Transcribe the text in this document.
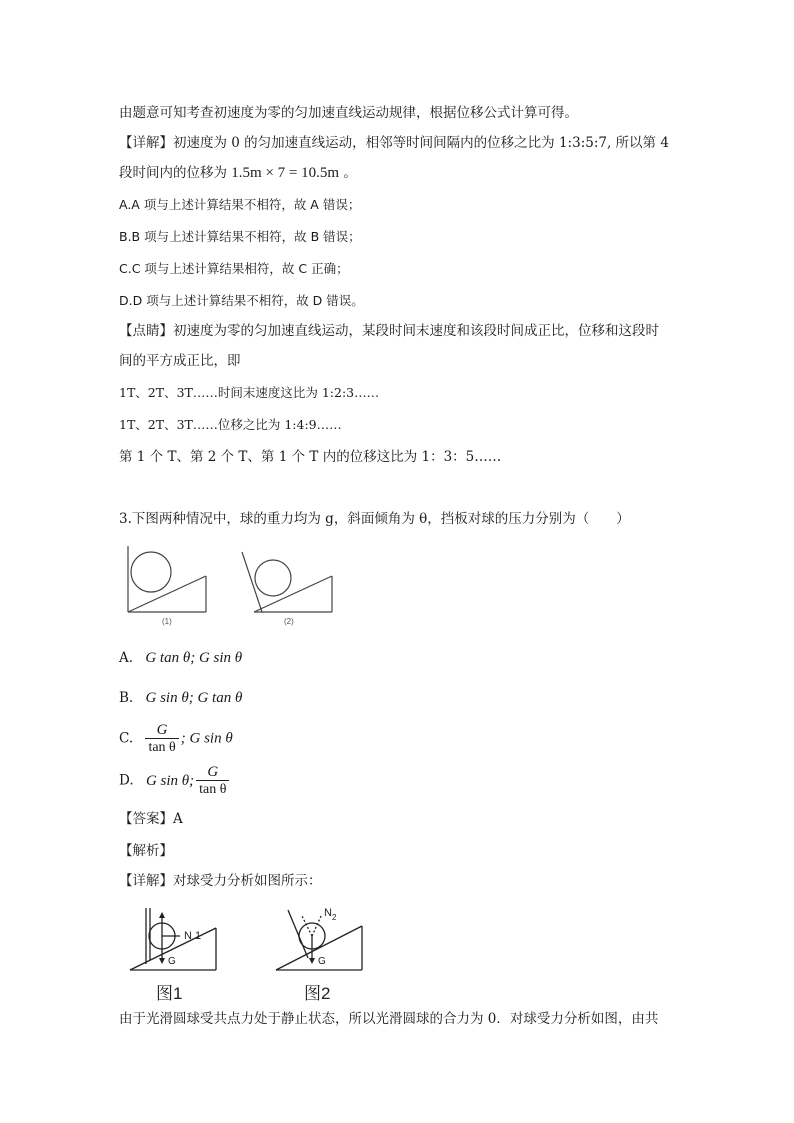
由题意可知考查初速度为零的匀加速直线运动规律，根据位移公式计算可得。
【详解】初速度为 0 的匀加速直线运动，相邻等时间间隔内的位移之比为 1:3:5:7, 所以第 4
段时间内的位移为 1.5m × 7 = 10.5m 。
A.A 项与上述计算结果不相符，故 A 错误；
B.B 项与上述计算结果不相符，故 B 错误；
C.C 项与上述计算结果相符，故 C 正确；
D.D 项与上述计算结果不相符，故 D 错误。
【点睛】初速度为零的匀加速直线运动，某段时间末速度和该段时间成正比，位移和这段时
间的平方成正比，即
1T、2T、3T……时间末速度这比为 1:2:3……
1T、2T、3T……位移之比为 1:4:9……
第 1 个 T、第 2 个 T、第 1 个 T 内的位移这比为 1：3：5……
3.下图两种情况中，球的重力均为 g，斜面倾角为 θ，挡板对球的压力分别为（　　）
(1)	(2)
A. G tan θ; G sin θ
B. G sin θ; G tan θ
C. $\frac{G}{\text{tan θ}}$ ; G sin θ
D. G sin θ; $\frac{G}{\text{tan θ}}$
【答案】A
【解析】
【详解】对球受力分析如图所示：
N 1
G
图1
N 2
G
图2
由于光滑圆球受共点力处于静止状态，所以光滑圆球的合力为 0．对球受力分析如图，由共
